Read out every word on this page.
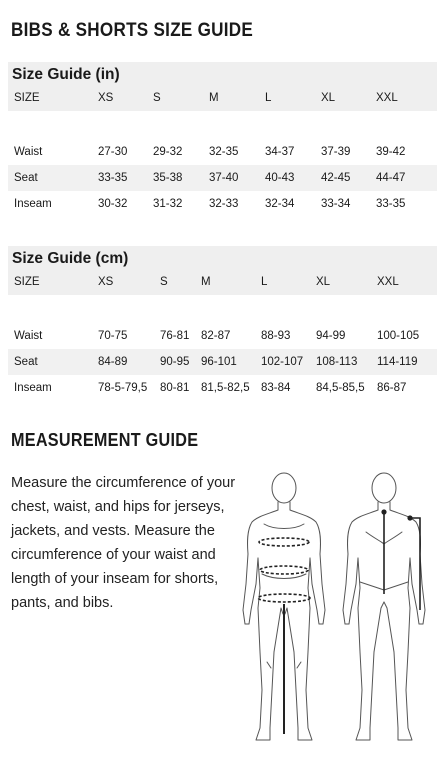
BIBS & SHORTS SIZE GUIDE
Size Guide (in)
SIZE	XS	S	M	L	XL	XXL
Waist	27-30 29-32 32-35 34-37 37-39 39-42
Seat	33-35 35-38 37-40 40-43 42-45 44-47
Inseam	30-32 31-32 32-33 32-34 33-34 33-35
Size Guide (cm)
SIZE	XS	S	M	L	XL	XXL
Waist	70-75	76-81 82-87	88-93 94-99	100-105
Seat	84-89	90-95 96-101 102-107 108-113 114-119
Inseam	78-5-79,5 80-81 81,5-82,5 83-84 84,5-85,5 86-87
MEASUREMENT GUIDE
Measure the circumference of your chest, waist, and hips for jerseys, jackets, and vests. Measure the circumference of your waist and length of your inseam for shorts, pants, and bibs.
